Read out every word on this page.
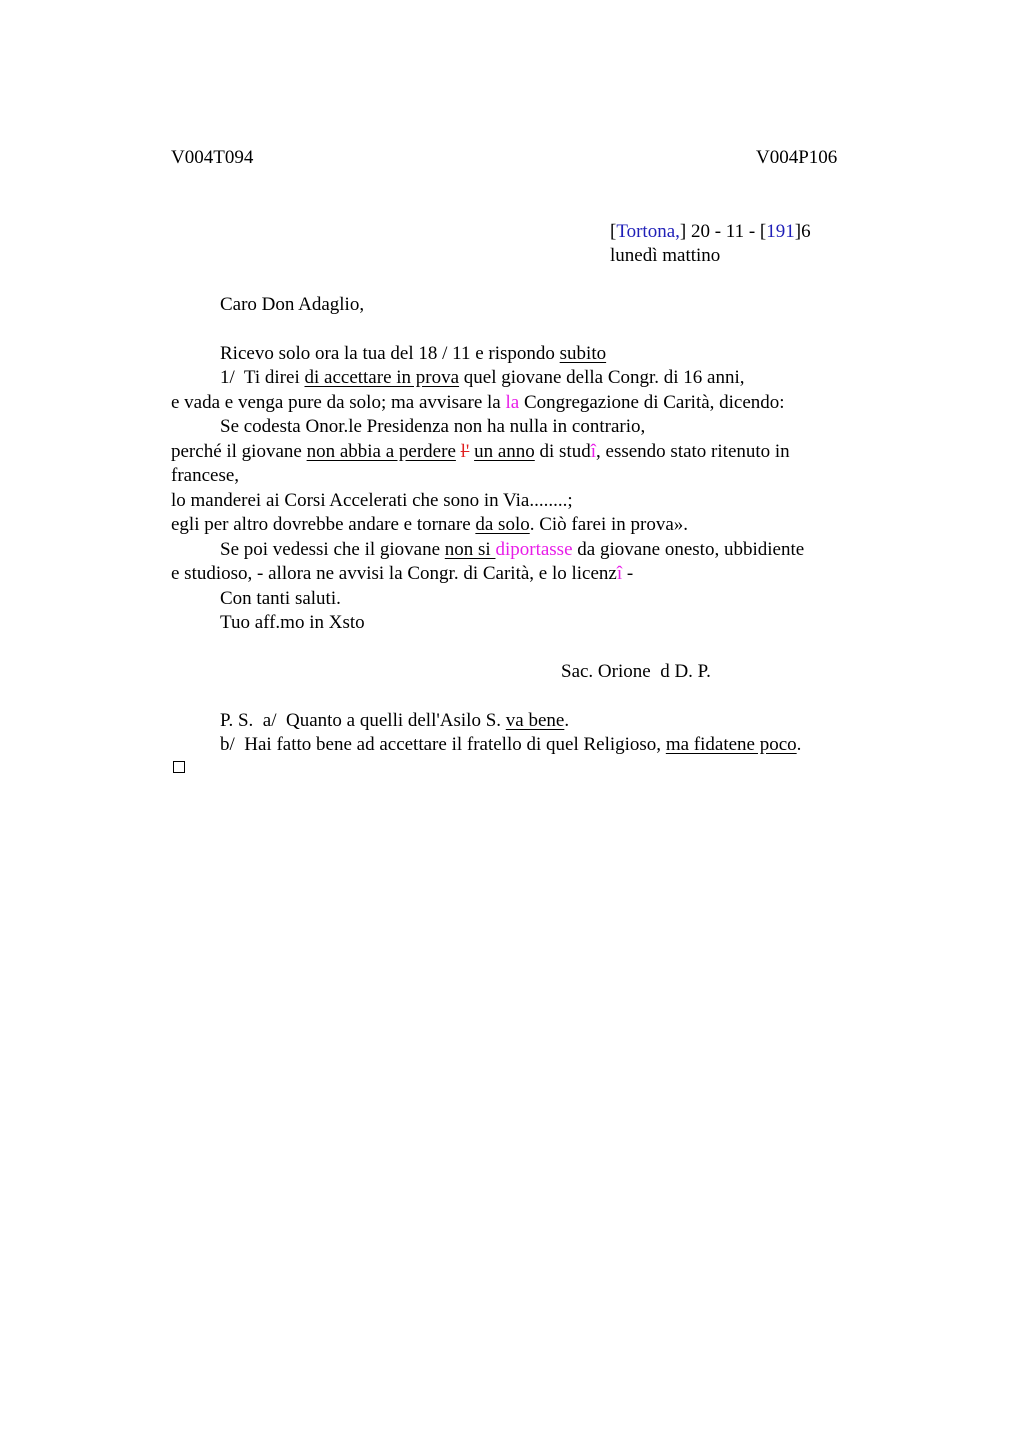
V004T094	V004P106
[Tortona,] 20 - 11 - [191]6
lunedì mattino
Caro Don Adaglio,
Ricevo solo ora la tua del 18 / 11 e rispondo subito
1/  Ti direi di accettare in prova quel giovane della Congr. di 16 anni,
e vada e venga pure da solo; ma avvisare la la Congregazione di Carità, dicendo:
Se codesta Onor.le Presidenza non ha nulla in contrario,
perché il giovane non abbia a perdere l' un anno di studî, essendo stato ritenuto in
francese,
lo manderei ai Corsi Accelerati che sono in Via........;
egli per altro dovrebbe andare e tornare da solo. Ciò farei in prova».
Se poi vedessi che il giovane non si diportasse da giovane onesto, ubbidiente
e studioso, - allora ne avvisi la Congr. di Carità, e lo licenzî -
Con tanti saluti.
Tuo aff.mo in Xsto
Sac. Orione  d D. P.
P. S.  a/  Quanto a quelli dell'Asilo S. va bene.
b/  Hai fatto bene ad accettare il fratello di quel Religioso, ma fidatene poco.
